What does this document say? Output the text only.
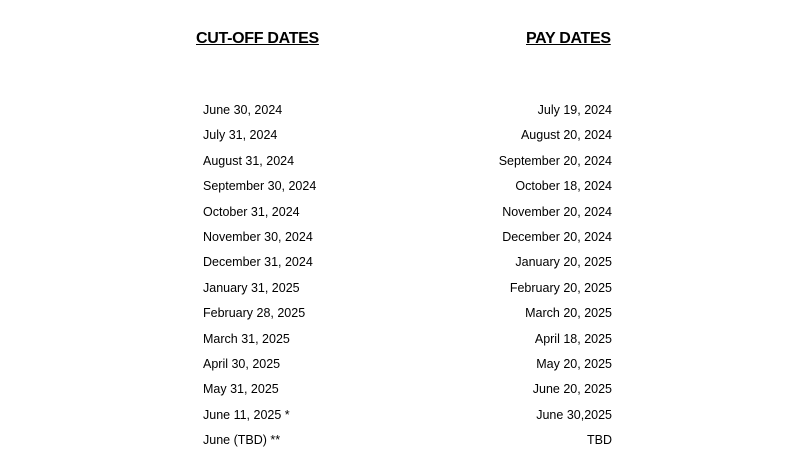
CUT-OFF DATES	PAY DATES
June 30, 2024	July 19, 2024
July 31, 2024	August 20, 2024
August 31, 2024	September 20, 2024
September 30, 2024	October 18, 2024
October 31, 2024	November 20, 2024
November 30, 2024	December 20, 2024
December 31, 2024	January 20, 2025
January 31, 2025	February 20, 2025
February 28, 2025	March 20, 2025
March 31, 2025	April 18, 2025
April 30, 2025	May 20, 2025
May 31, 2025	June 20, 2025
June 11, 2025 *	June 30,2025
June (TBD) **	TBD
